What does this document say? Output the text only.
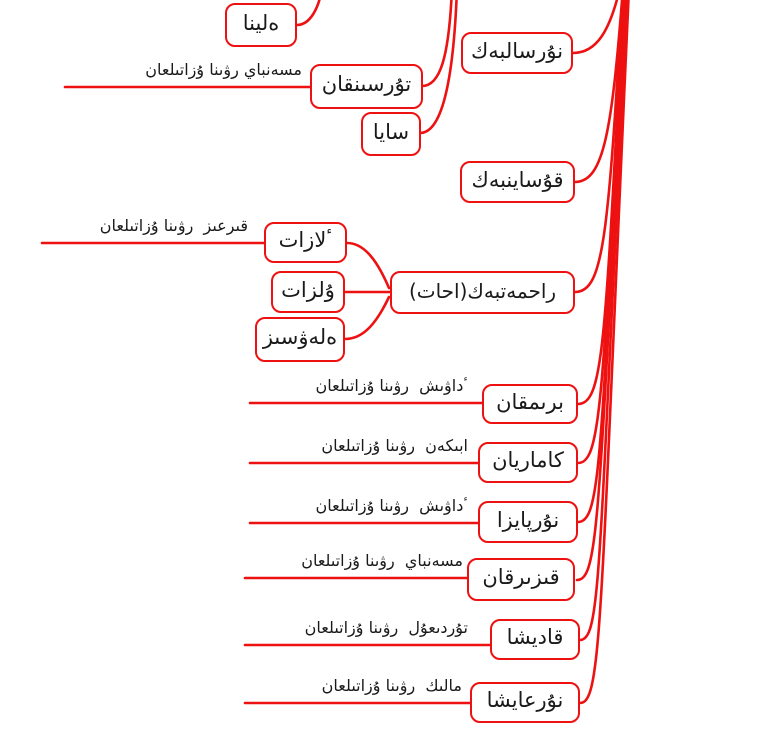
ەلينا
تۇرسىنقان
سايا
نۇرسالبەك
قۇساينبەك
ٴلازات
ۇلزات
ەلەۋسىز
راحمەتبەك(احات)
برىمقان
كاماريان
نۇرپايزا
قىزىرقان
قاديشا
نۇرعايشا
مسەنباي رۋىنا ۇزاتىلعان
قىرعىز  رۋىنا ۇزاتىلعان
ٴداۋىش  رۋىنا ۇزاتىلعان
ابىكەن  رۋىنا ۇزاتىلعان
ٴداۋىش  رۋىنا ۇزاتىلعان
مسەنباي  رۋىنا ۇزاتىلعان
تۇردىعۇل  رۋىنا ۇزاتىلعان
مالىك  رۋىنا ۇزاتىلعان
